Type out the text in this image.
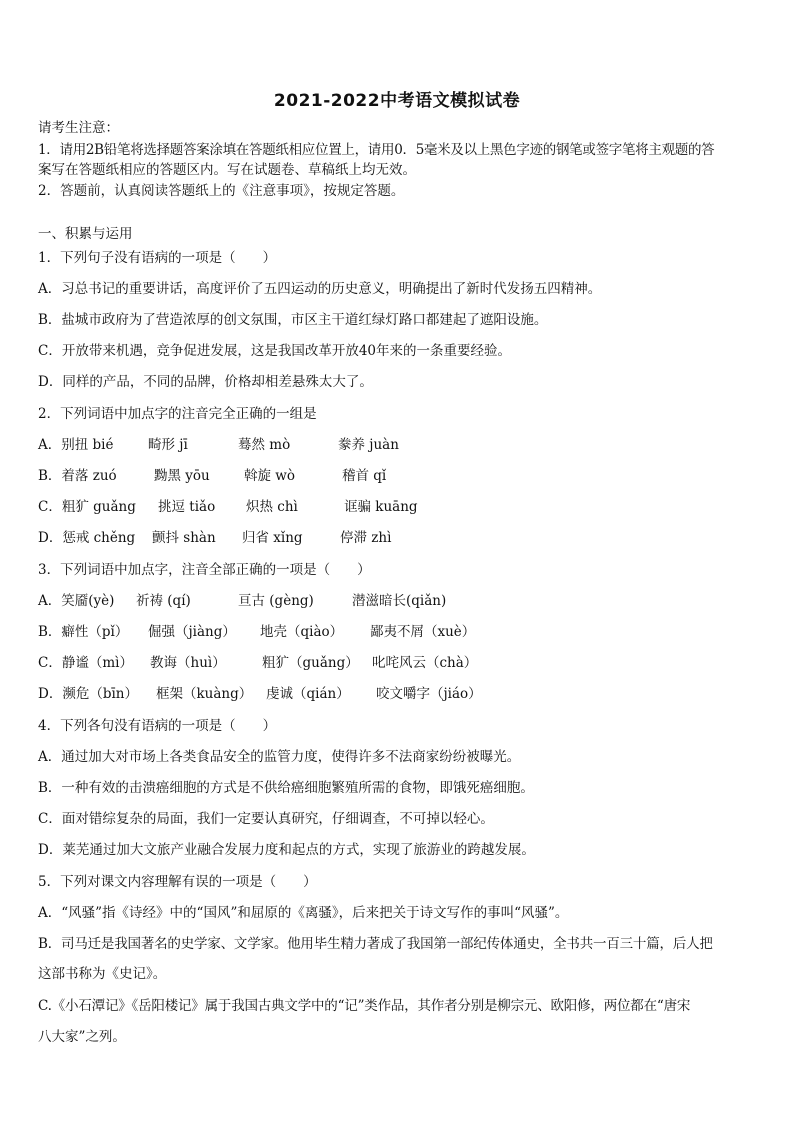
2021-2022中考语文模拟试卷
请考生注意：
1．请用2B铅笔将选择题答案涂填在答题纸相应位置上，请用0．5毫米及以上黑色字迹的钢笔或签字笔将主观题的答
案写在答题纸相应的答题区内。写在试题卷、草稿纸上均无效。
2．答题前，认真阅读答题纸上的《注意事项》，按规定答题。
一、积累与运用
1．下列句子没有语病的一项是（　　）
A．习总书记的重要讲话，高度评价了五四运动的历史意义，明确提出了新时代发扬五四精神。
B．盐城市政府为了营造浓厚的创文氛围，市区主干道红绿灯路口都建起了遮阳设施。
C．开放带来机遇，竞争促进发展，这是我国改革开放40年来的一条重要经验。
D．同样的产品，不同的品牌，价格却相差悬殊太大了。
2．下列词语中加点字的注音完全正确的一组是
A．别扭 bié	畸形 jī	蓦然 mò	豢养 juàn
B．着落 zuó	黝黑 yōu	斡旋 wò	稽首 qǐ
C．粗犷 guǎng 挑逗 tiǎo 炽热 chì	诓骗 kuāng
D．惩戒 chěng 颤抖 shàn 归省 xǐng	停滞 zhì
3．下列词语中加点字，注音全部正确的一项是（　　）
A．笑靥(yè) 祈祷 (qí)	亘古 (gèng)	潜滋暗长(qiǎn)
B．癖性（pǐ） 倔强（jiàng） 地壳（qiào） 鄙夷不屑（xuè）
C．静谧（mì） 教诲（huì）	粗犷（guǎng） 叱咤风云（chà）
D．濒危（bīn） 框架（kuàng） 虔诚（qián） 咬文嚼字（jiáo）
4．下列各句没有语病的一项是（　　）
A．通过加大对市场上各类食品安全的监管力度，使得许多不法商家纷纷被曝光。
B．一种有效的击溃癌细胞的方式是不供给癌细胞繁殖所需的食物，即饿死癌细胞。
C．面对错综复杂的局面，我们一定要认真研究，仔细调查，不可掉以轻心。
D．莱芜通过加大文旅产业融合发展力度和起点的方式，实现了旅游业的跨越发展。
5．下列对课文内容理解有误的一项是（　　）
A．“风骚”指《诗经》中的“国风”和屈原的《离骚》，后来把关于诗文写作的事叫“风骚”。
B．司马迁是我国著名的史学家、文学家。他用毕生精力著成了我国第一部纪传体通史，全书共一百三十篇，后人把
这部书称为《史记》。
C.《小石潭记》《岳阳楼记》属于我国古典文学中的“记”类作品，其作者分别是柳宗元、欧阳修，两位都在“唐宋
八大家”之列。
